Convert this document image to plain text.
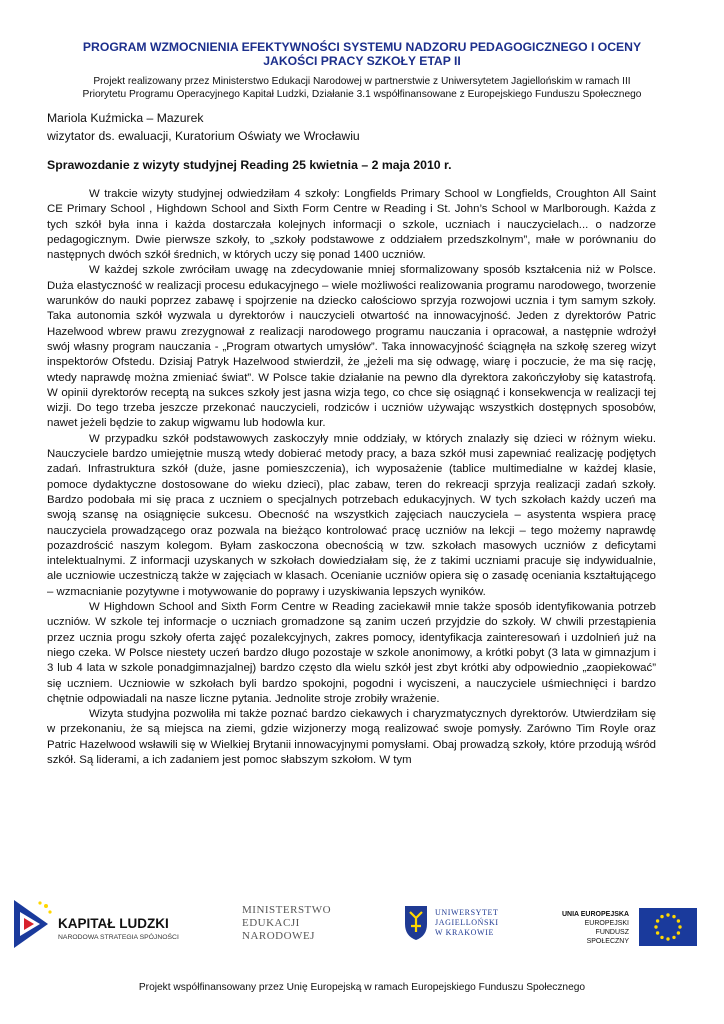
PROGRAM WZMOCNIENIA EFEKTYWNOŚCI SYSTEMU NADZORU PEDAGOGICZNEGO I OCENY
JAKOŚCI PRACY SZKOŁY ETAP II
Projekt realizowany przez Ministerstwo Edukacji Narodowej w partnerstwie z Uniwersytetem Jagiellońskim w ramach III
Priorytetu Programu Operacyjnego Kapitał Ludzki, Działanie 3.1 współfinansowane z Europejskiego Funduszu Społecznego
Mariola Kuźmicka – Mazurek
wizytator ds. ewaluacji, Kuratorium Oświaty we Wrocławiu
Sprawozdanie z wizyty studyjnej Reading 25 kwietnia – 2 maja 2010 r.

W trakcie wizyty studyjnej odwiedziłam 4 szkoły: Longfields Primary School w Longfields, Croughton All Saint CE Primary School , Highdown School and Sixth Form Centre w Reading i St. John’s School w Marlborough. Każda z tych szkół była inna i każda dostarczała kolejnych informacji o szkole, uczniach i nauczycielach... o nadzorze pedagogicznym. Dwie pierwsze szkoły, to „szkoły podstawowe z oddziałem przedszkolnym”, małe w porównaniu do następnych dwóch szkół średnich, w których uczy się ponad 1400 uczniów.

W każdej szkole zwróciłam uwagę na zdecydowanie mniej sformalizowany sposób kształcenia niż w Polsce. Duża elastyczność w realizacji procesu edukacyjnego – wiele możliwości realizowania programu narodowego, tworzenie warunków do nauki poprzez zabawę i spojrzenie na dziecko całościowo sprzyja rozwojowi ucznia i tym samym szkoły. Taka autonomia szkół wyzwala u dyrektorów i nauczycieli otwartość na innowacyjność. Jeden z dyrektorów Patric Hazelwood wbrew prawu zrezygnował z realizacji narodowego programu nauczania i opracował, a następnie wdrożył swój własny program nauczania - „Program otwartych umysłów”. Taka innowacyjność ściągnęła na szkołę szereg wizyt inspektorów Ofstedu. Dzisiaj Patryk Hazelwood stwierdził, że „jeżeli ma się odwagę, wiarę i poczucie, że ma się rację, wtedy naprawdę można zmieniać świat”. W Polsce takie działanie na pewno dla dyrektora zakończyłoby się katastrofą. W opinii dyrektorów receptą na sukces szkoły jest jasna wizja tego, co chce się osiągnąć i konsekwencja w realizacji tej wizji. Do tego trzeba jeszcze przekonać nauczycieli, rodziców i uczniów używając wszystkich dostępnych sposobów, nawet jeżeli będzie to zakup wigwamu lub hodowla kur.

W przypadku szkół podstawowych zaskoczyły mnie oddziały, w których znalazły się dzieci w różnym wieku. Nauczyciele bardzo umiejętnie muszą wtedy dobierać metody pracy, a baza szkół musi zapewniać realizację podjętych zadań. Infrastruktura szkół (duże, jasne pomieszczenia), ich wyposażenie (tablice multimedialne w każdej klasie, pomoce dydaktyczne dostosowane do wieku dzieci), plac zabaw, teren do rekreacji sprzyja realizacji zadań szkoły. Bardzo podobała mi się praca z uczniem o specjalnych potrzebach edukacyjnych. W tych szkołach każdy uczeń ma swoją szansę na osiągnięcie sukcesu. Obecność na wszystkich zajęciach nauczyciela – asystenta wspiera pracę nauczyciela prowadzącego oraz pozwala na bieżąco kontrolować pracę uczniów na lekcji – tego możemy naprawdę pozazdrościć naszym kolegom. Byłam zaskoczona obecnością w tzw. szkołach masowych uczniów z deficytami intelektualnymi. Z informacji uzyskanych w szkołach dowiedziałam się, że z takimi uczniami pracuje się indywidualnie, ale uczniowie uczestniczą także w zajęciach w klasach. Ocenianie uczniów opiera się o zasadę oceniania kształtującego – wzmacnianie pozytywne i motywowanie do poprawy i uzyskiwania lepszych wyników.

W Highdown School and Sixth Form Centre w Reading zaciekawił mnie także sposób identyfikowania potrzeb uczniów. W szkole tej informacje o uczniach gromadzone są zanim uczeń przyjdzie do szkoły. W chwili przestąpienia przez ucznia progu szkoły oferta zajęć pozalekcyjnych, zakres pomocy, identyfikacja zainteresowań i uzdolnień już na niego czeka. W Polsce niestety uczeń bardzo długo pozostaje w szkole anonimowy, a krótki pobyt (3 lata w gimnazjum i 3 lub 4 lata w szkole ponadgimnazjalnej) bardzo często dla wielu szkół jest zbyt krótki aby odpowiednio „zaopiekować” się uczniem. Uczniowie w szkołach byli bardzo spokojni, pogodni i wyciszeni, a nauczyciele uśmiechnięci i bardzo chętnie odpowiadali na nasze liczne pytania. Jednolite stroje zrobiły wrażenie.

Wizyta studyjna pozwoliła mi także poznać bardzo ciekawych i charyzmatycznych dyrektorów. Utwierdziłam się w przekonaniu, że są miejsca na ziemi, gdzie wizjonerzy mogą realizować swoje pomysły. Zarówno Tim Royle oraz Patric Hazelwood wsławili się w Wielkiej Brytanii innowacyjnymi pomysłami. Obaj prowadzą szkoły, które przodują wśród szkół. Są liderami, a ich zadaniem jest pomoc słabszym szkołom. W tym

KAPITAŁ LUDZKI
NARODOWA STRATEGIA SPÓJNOŚCI
MINISTERSTWO
EDUKACJI
NARODOWEJ
UNIWERSYTET
JAGIELLOŃSKI
W KRAKOWIE
UNIA EUROPEJSKA
EUROPEJSKI
FUNDUSZ SPOŁECZNY
Projekt współfinansowany przez Unię Europejską w ramach Europejskiego Funduszu Społecznego
